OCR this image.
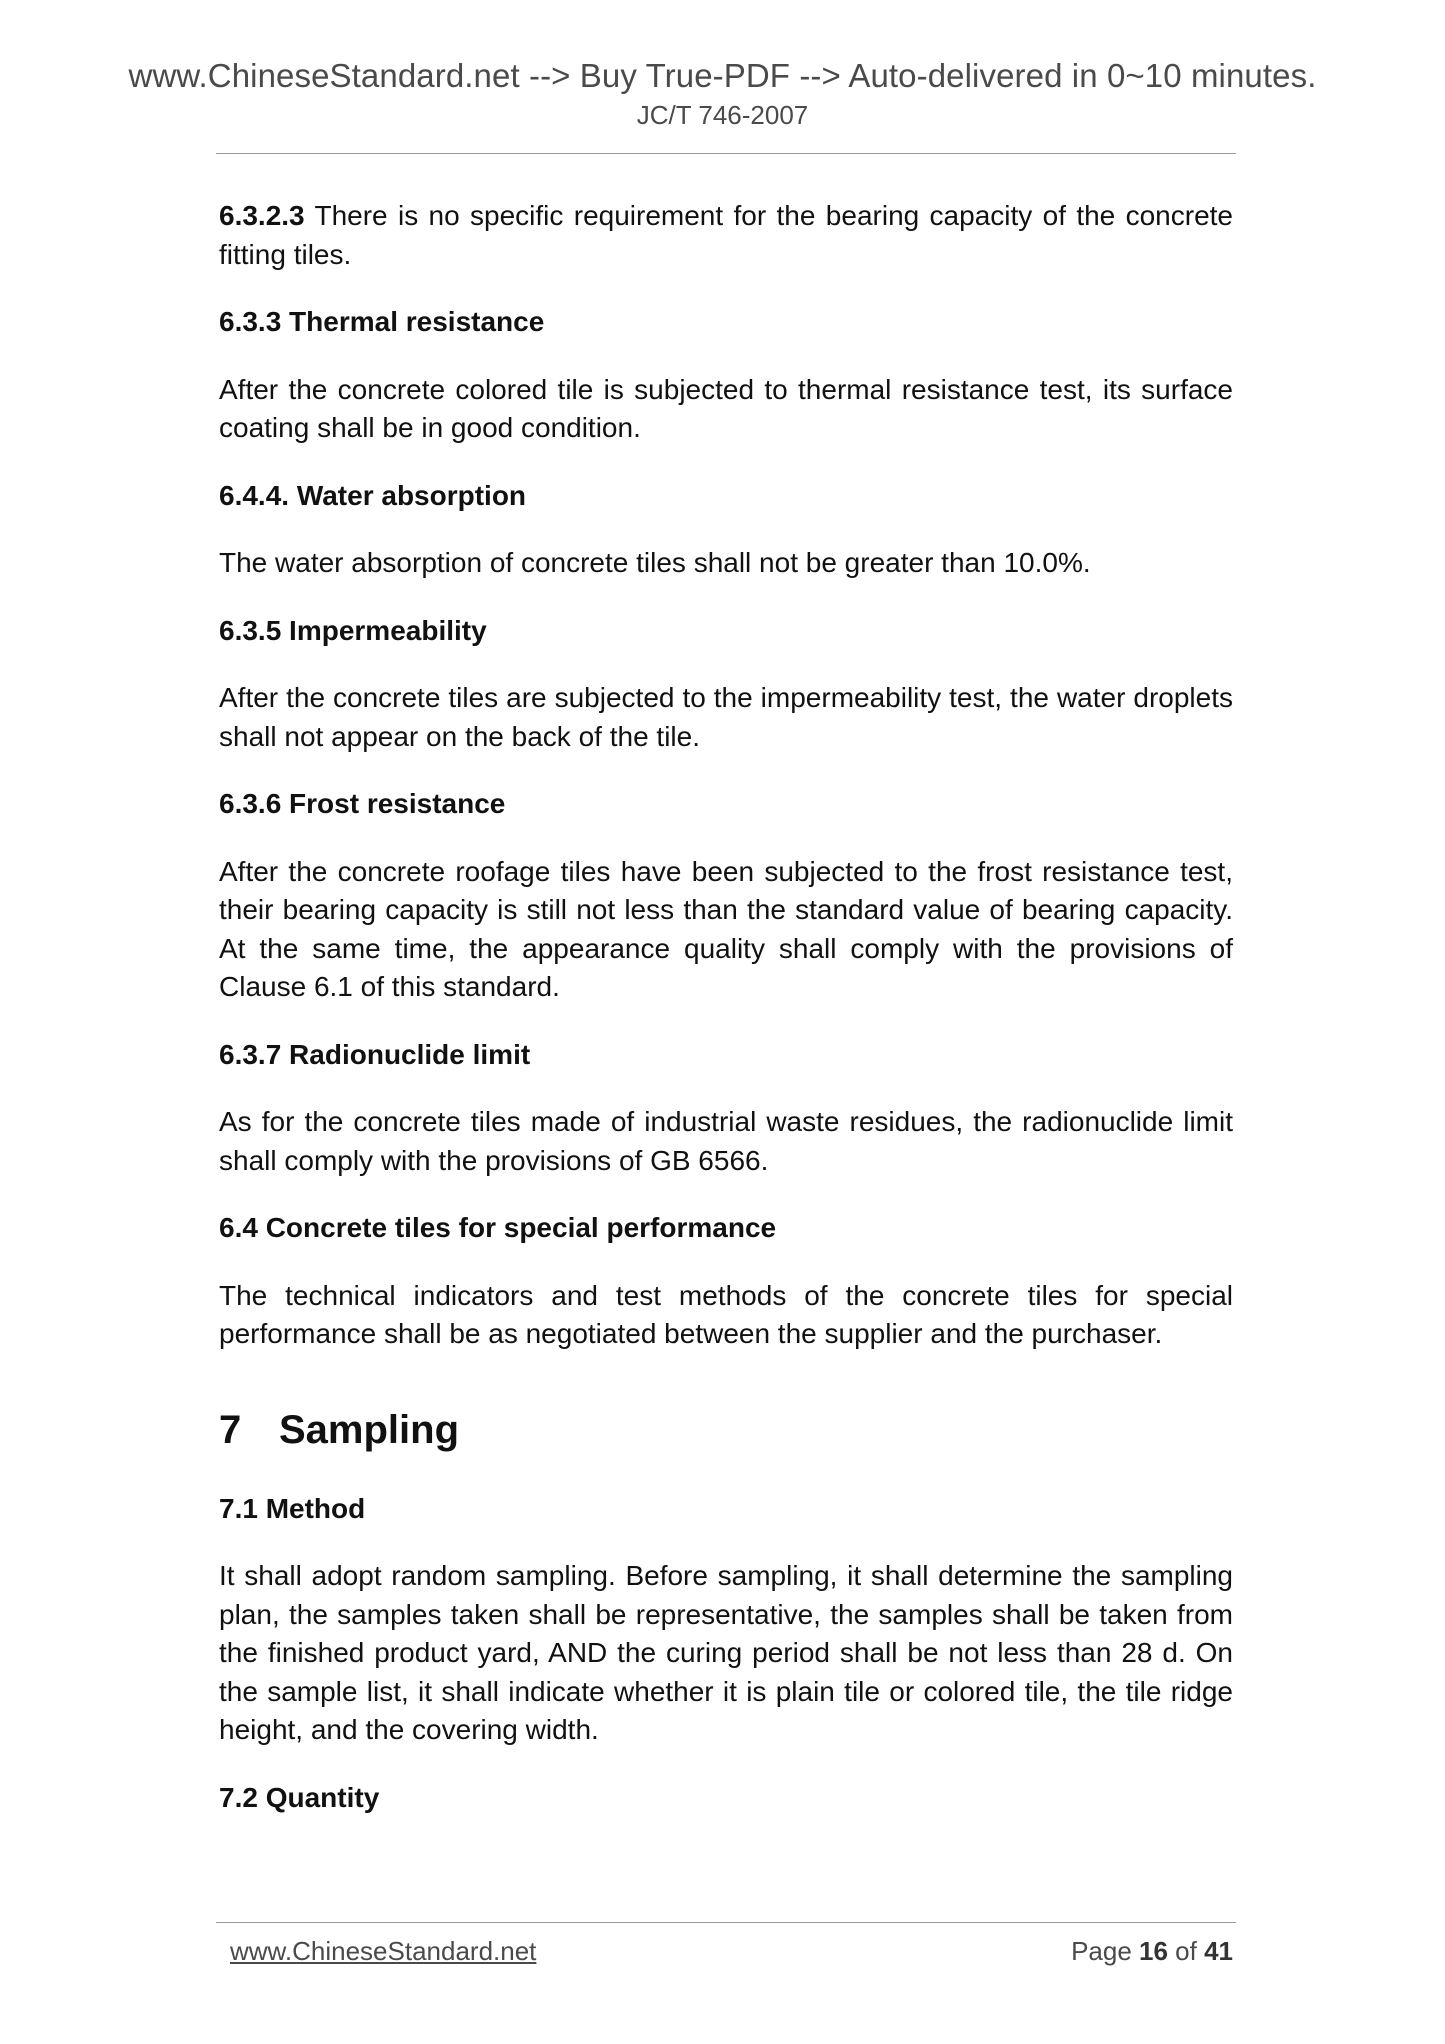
www.ChineseStandard.net --> Buy True-PDF --> Auto-delivered in 0~10 minutes.
JC/T 746-2007

6.3.2.3 There is no specific requirement for the bearing capacity of the concrete fitting tiles.

6.3.3 Thermal resistance

After the concrete colored tile is subjected to thermal resistance test, its surface coating shall be in good condition.

6.4.4. Water absorption

The water absorption of concrete tiles shall not be greater than 10.0%.

6.3.5 Impermeability

After the concrete tiles are subjected to the impermeability test, the water droplets shall not appear on the back of the tile.

6.3.6 Frost resistance

After the concrete roofage tiles have been subjected to the frost resistance test, their bearing capacity is still not less than the standard value of bearing capacity. At the same time, the appearance quality shall comply with the provisions of Clause 6.1 of this standard.

6.3.7 Radionuclide limit

As for the concrete tiles made of industrial waste residues, the radionuclide limit shall comply with the provisions of GB 6566.

6.4 Concrete tiles for special performance

The technical indicators and test methods of the concrete tiles for special performance shall be as negotiated between the supplier and the purchaser.

7 Sampling
7.1 Method

It shall adopt random sampling. Before sampling, it shall determine the sampling plan, the samples taken shall be representative, the samples shall be taken from the finished product yard, AND the curing period shall be not less than 28 d. On the sample list, it shall indicate whether it is plain tile or colored tile, the tile ridge height, and the covering width.

7.2 Quantity
www.ChineseStandard.net	Page 16 of 41
